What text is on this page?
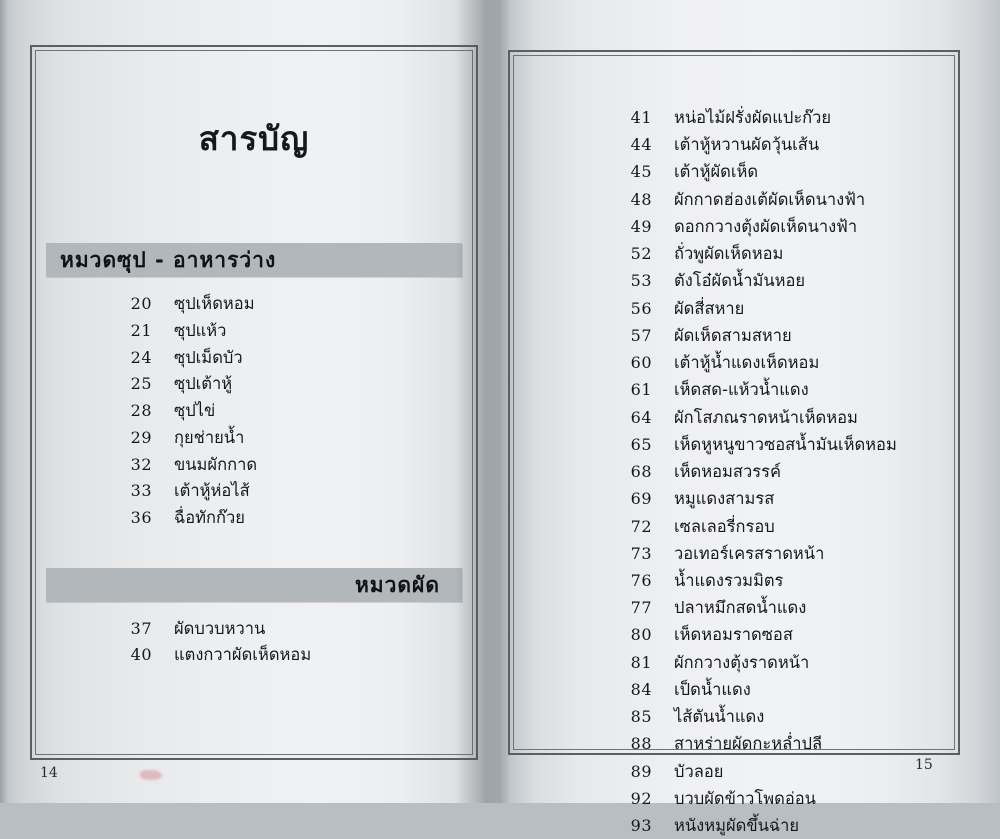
สารบัญ
หมวดซุป - อาหารว่าง
20 ซุปเห็ดหอม
21 ซุปแห้ว
24 ซุปเม็ดบัว
25 ซุปเต้าหู้
28 ซุปไข่
29 กุยช่ายน้ำ
32 ขนมผักกาด
33 เต้าหู้ห่อไส้
36 ฉื่อทักก๊วย
หมวดผัด
37 ผัดบวบหวาน
40 แตงกวาผัดเห็ดหอม
41 หน่อไม้ฝรั่งผัดแปะก๊วย
44 เต้าหู้หวานผัดวุ้นเส้น
45 เต้าหู้ผัดเห็ด
48 ผักกาดฮ่องเต้ผัดเห็ดนางฟ้า
49 ดอกกวางตุ้งผัดเห็ดนางฟ้า
52 ถั่วพูผัดเห็ดหอม
53 ตังโอ๋ผัดน้ำมันหอย
56 ผัดสี่สหาย
57 ผัดเห็ดสามสหาย
60 เต้าหู้น้ำแดงเห็ดหอม
61 เห็ดสด-แห้วน้ำแดง
64 ผักโสภณราดหน้าเห็ดหอม
65 เห็ดหูหนูขาวซอสน้ำมันเห็ดหอม
68 เห็ดหอมสวรรค์
69 หมูแดงสามรส
72 เซลเลอรี่กรอบ
73 วอเทอร์เครสราดหน้า
76 น้ำแดงรวมมิตร
77 ปลาหมึกสดน้ำแดง
80 เห็ดหอมราดซอส
81 ผักกวางตุ้งราดหน้า
84 เป็ดน้ำแดง
85 ไส้ตันน้ำแดง
88 สาหร่ายผัดกะหล่ำปลี
89 บัวลอย
92 บวบผัดข้าวโพดอ่อน
93 หนังหมูผัดขึ้นฉ่าย
14	15
